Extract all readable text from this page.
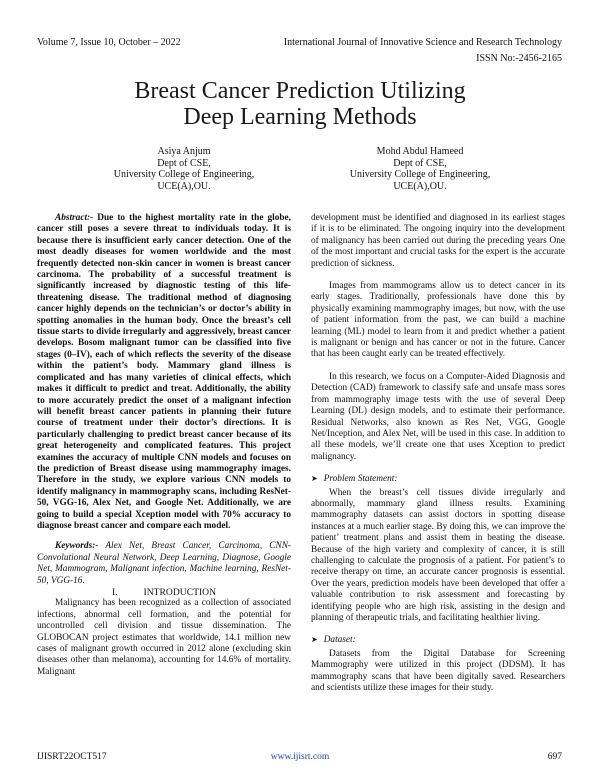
Volume 7, Issue 10, October – 2022	International Journal of Innovative Science and Research Technology
ISSN No:-2456-2165
Breast Cancer Prediction Utilizing
Deep Learning Methods
Asiya Anjum
Dept of CSE,
University College of Engineering,
UCE(A),OU.
Mohd Abdul Hameed
Dept of CSE,
University College of Engineering,
UCE(A),OU.

Abstract:- Due to the highest mortality rate in the globe, cancer still poses a severe threat to individuals today. It is because there is insufficient early cancer detection. One of the most deadly diseases for women worldwide and the most frequently detected non-skin cancer in women is breast cancer carcinoma. The probability of a successful treatment is significantly increased by diagnostic testing of this life-threatening disease. The traditional method of diagnosing cancer highly depends on the technician’s or doctor’s ability in spotting anomalies in the human body. Once the breast’s cell tissue starts to divide irregularly and aggressively, breast cancer develops. Bosom malignant tumor can be classified into five stages (0–IV), each of which reflects the severity of the disease within the patient’s body. Mammary gland illness is complicated and has many varieties of clinical effects, which makes it difficult to predict and treat. Additionally, the ability to more accurately predict the onset of a malignant infection will benefit breast cancer patients in planning their future course of treatment under their doctor’s directions. It is particularly challenging to predict breast cancer because of its great heterogeneity and complicated features. This project examines the accuracy of multiple CNN models and focuses on the prediction of Breast disease using mammography images. Therefore in the study, we explore various CNN models to identify malignancy in mammography scans, including ResNet- 50, VGG-16, Alex Net, and Google Net. Additionally, we are going to build a special Xception model with 70% accuracy to diagnose breast cancer and compare each model.

Keywords:- Alex Net, Breast Cancer, Carcinoma, CNN-Convolutional Neural Network, Deep Learning, Diagnose, Google Net, Mammogram, Malignant infection, Machine learning, ResNet-50, VGG-16.

I.	INTRODUCTION

Malignancy has been recognized as a collection of associated infections, abnormal cell formation, and the potential for uncontrolled cell division and tissue dissemination. The GLOBOCAN project estimates that worldwide, 14.1 million new cases of malignant growth occurred in 2012 alone (excluding skin diseases other than melanoma), accounting for 14.6% of mortality. Malignant

development must be identified and diagnosed in its earliest stages if it is to be eliminated. The ongoing inquiry into the development of malignancy has been carried out during the preceding years One of the most important and crucial tasks for the expert is the accurate prediction of sickness.

Images from mammograms allow us to detect cancer in its early stages. Traditionally, professionals have done this by physically examining mammography images, but now, with the use of patient information from the past, we can build a machine learning (ML) model to learn from it and predict whether a patient is malignant or benign and has cancer or not in the future. Cancer that has been caught early can be treated effectively.

In this research, we focus on a Computer-Aided Diagnosis and Detection (CAD) framework to classify safe and unsafe mass sores from mammography image tests with the use of several Deep Learning (DL) design models, and to estimate their performance. Residual Networks, also known as Res Net, VGG, Google Net/Inception, and Alex Net, will be used in this case. In addition to all these models, we’ll create one that uses Xception to predict malignancy.

➤ Problem Statement:

When the breast’s cell tissues divide irregularly and abnormally, mammary gland illness results. Examining mammography datasets can assist doctors in spotting disease instances at a much earlier stage. By doing this, we can improve the patient’ treatment plans and assist them in beating the disease. Because of the high variety and complexity of cancer, it is still challenging to calculate the prognosis of a patient. For patient’s to receive therapy on time, an accurate cancer prognosis is essential. Over the years, prediction models have been developed that offer a valuable contribution to risk assessment and forecasting by identifying people who are high risk, assisting in the design and planning of therapeutic trials, and facilitating healthier living.

➤ Dataset:

Datasets from the Digital Database for Screening Mammography were utilized in this project (DDSM). It has mammography scans that have been digitally saved. Researchers and scientists utilize these images for their study.

IJISRT22OCT517	www.ijisrt.com	697
